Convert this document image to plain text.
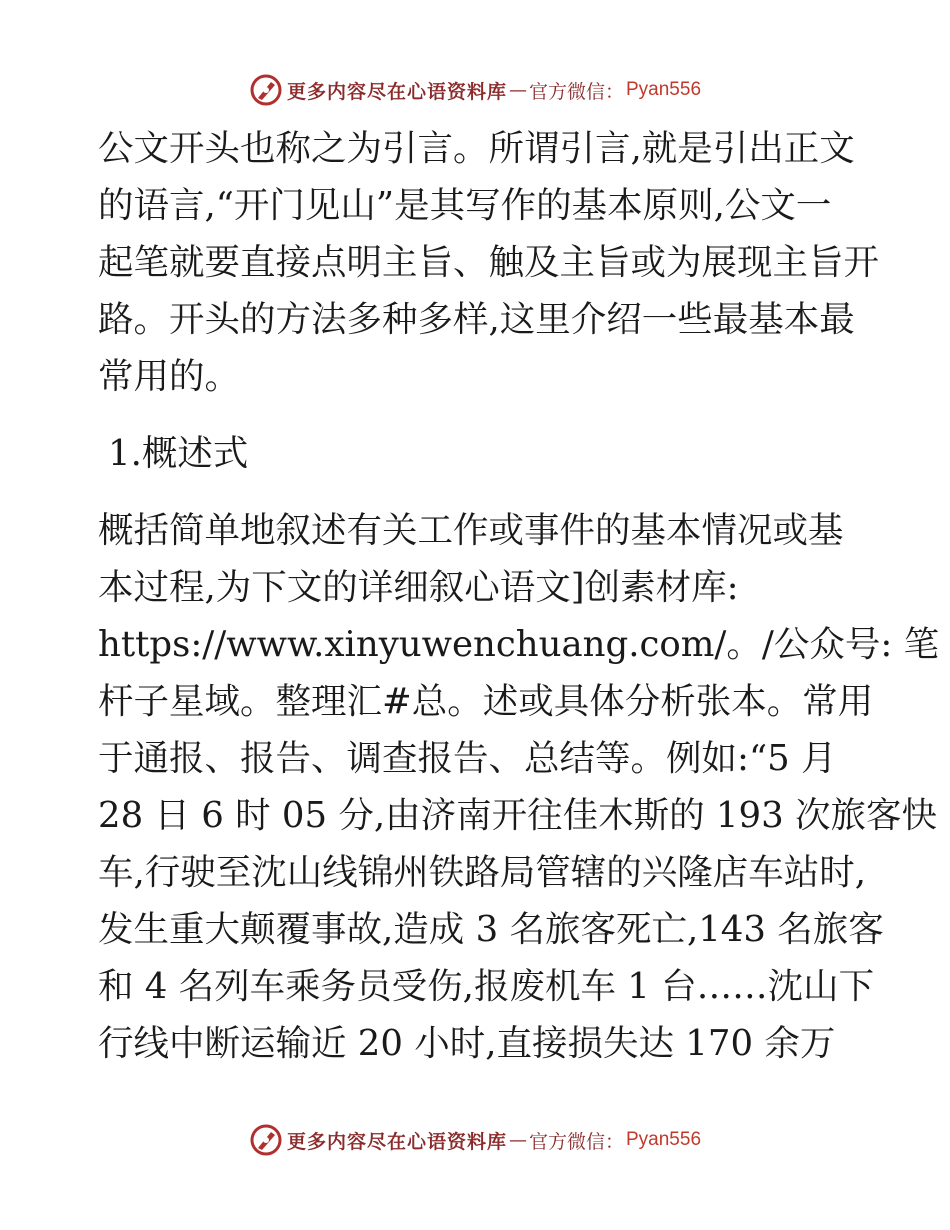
更多内容尽在心语资料库 — 官方微信： Pyan556
公文开头也称之为引言。所谓引言,就是引出正文
的语言,“开门见山”是其写作的基本原则,公文一
起笔就要直接点明主旨、触及主旨或为展现主旨开
路。开头的方法多种多样,这里介绍一些最基本最
常用的。
1.概述式
概括简单地叙述有关工作或事件的基本情况或基
本过程,为下文的详细叙心语文]创素材库:
https://www.xinyuwenchuang.com/。/公众号: 笔
杆子星域。整理汇#总。述或具体分析张本。常用
于通报、报告、调查报告、总结等。例如:“5 月
28 日 6 时 05 分,由济南开往佳木斯的 193 次旅客快
车,行驶至沈山线锦州铁路局管辖的兴隆店车站时,
发生重大颠覆事故,造成 3 名旅客死亡,143 名旅客
和 4 名列车乘务员受伤,报废机车 1 台……沈山下
行线中断运输近 20 小时,直接损失达 170 余万
更多内容尽在心语资料库 — 官方微信： Pyan556
